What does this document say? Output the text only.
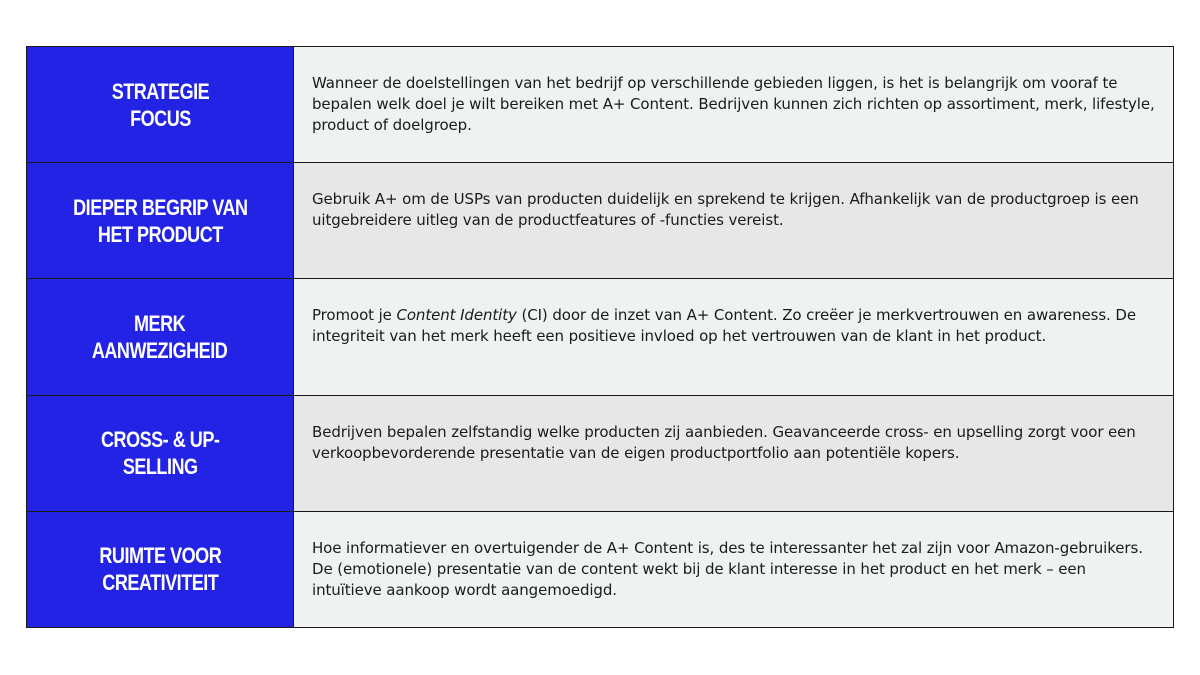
STRATEGIE
FOCUS
Wanneer de doelstellingen van het bedrijf op verschillende gebieden liggen, is het is belangrijk om vooraf te bepalen welk doel je wilt bereiken met A+ Content. Bedrijven kunnen zich richten op assortiment, merk, lifestyle, product of doelgroep.
DIEPER BEGRIP VAN
HET PRODUCT
Gebruik A+ om de USPs van producten duidelijk en sprekend te krijgen. Afhankelijk van de productgroep is een uitgebreidere uitleg van de productfeatures of -functies vereist.
MERK
AANWEZIGHEID
Promoot je Content Identity (CI) door de inzet van A+ Content. Zo creëer je merkvertrouwen en awareness. De integriteit van het merk heeft een positieve invloed op het vertrouwen van de klant in het product.
CROSS- & UP-
SELLING
Bedrijven bepalen zelfstandig welke producten zij aanbieden. Geavanceerde cross- en upselling zorgt voor een verkoopbevorderende presentatie van de eigen productportfolio aan potentiële kopers.
RUIMTE VOOR
CREATIVITEIT
Hoe informatiever en overtuigender de A+ Content is, des te interessanter het zal zijn voor Amazon-gebruikers. De (emotionele) presentatie van de content wekt bij de klant interesse in het product en het merk – een intuïtieve aankoop wordt aangemoedigd.
